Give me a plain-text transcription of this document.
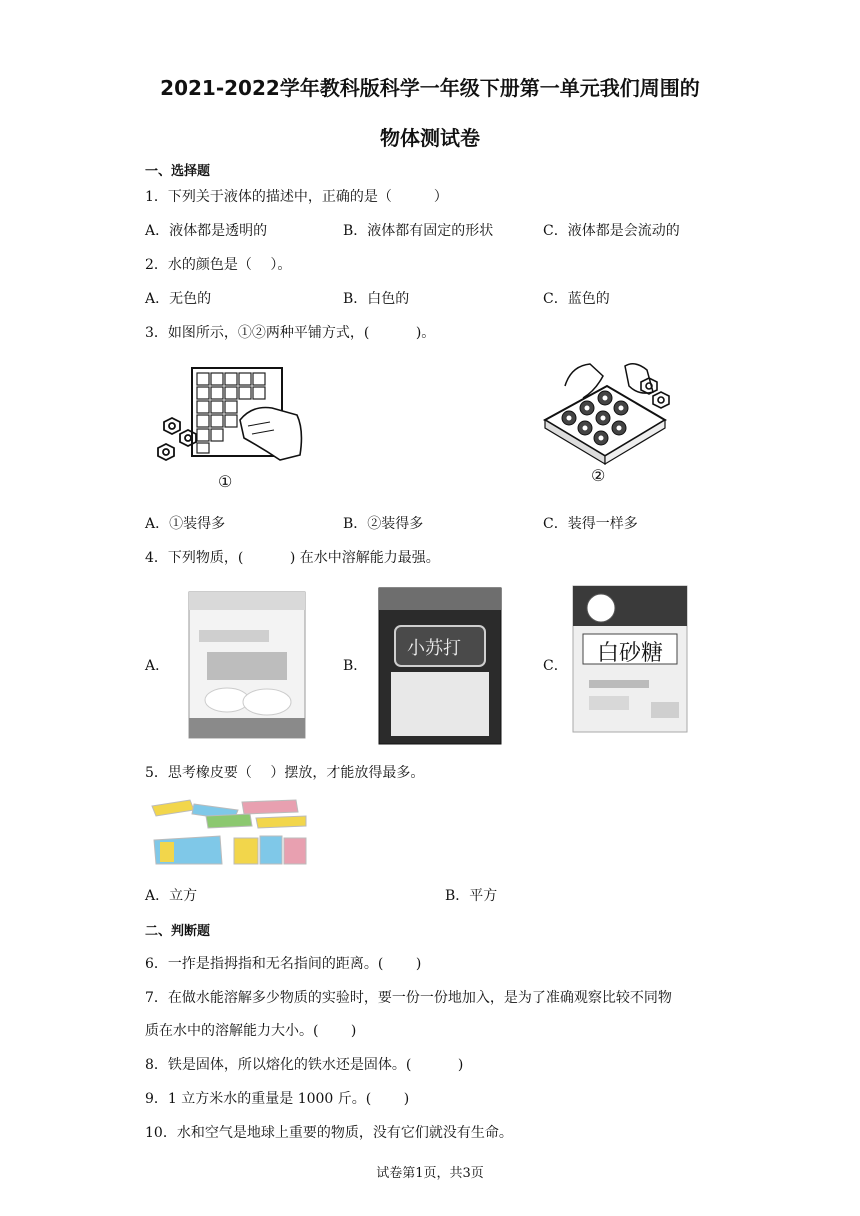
2021-2022学年教科版科学一年级下册第一单元我们周围的
物体测试卷
一、选择题
1．下列关于液体的描述中，正确的是（　　　）
A．液体都是透明的	B．液体都有固定的形状	C．液体都是会流动的
2．水的颜色是（　 ）。
A．无色的	B．白色的	C．蓝色的
3．如图所示，①②两种平铺方式，(　　　 )。
①	②
A．①装得多	B．②装得多	C．装得一样多
4．下列物质，(　　　 ) 在水中溶解能力最强。
A．	B．
小苏打
C． 白砂糖
5．思考橡皮要（　 ）摆放，才能放得最多。
A．立方	B．平方
二、判断题
6．一拃是指拇指和无名指间的距离。(　　 )
7．在做水能溶解多少物质的实验时，要一份一份地加入，是为了准确观察比较不同物
质在水中的溶解能力大小。(　　 )
8．铁是固体，所以熔化的铁水还是固体。(　　　 )
9．1 立方米水的重量是 1000 斤。(　　 )
10．水和空气是地球上重要的物质，没有它们就没有生命。
试卷第1页，共3页
